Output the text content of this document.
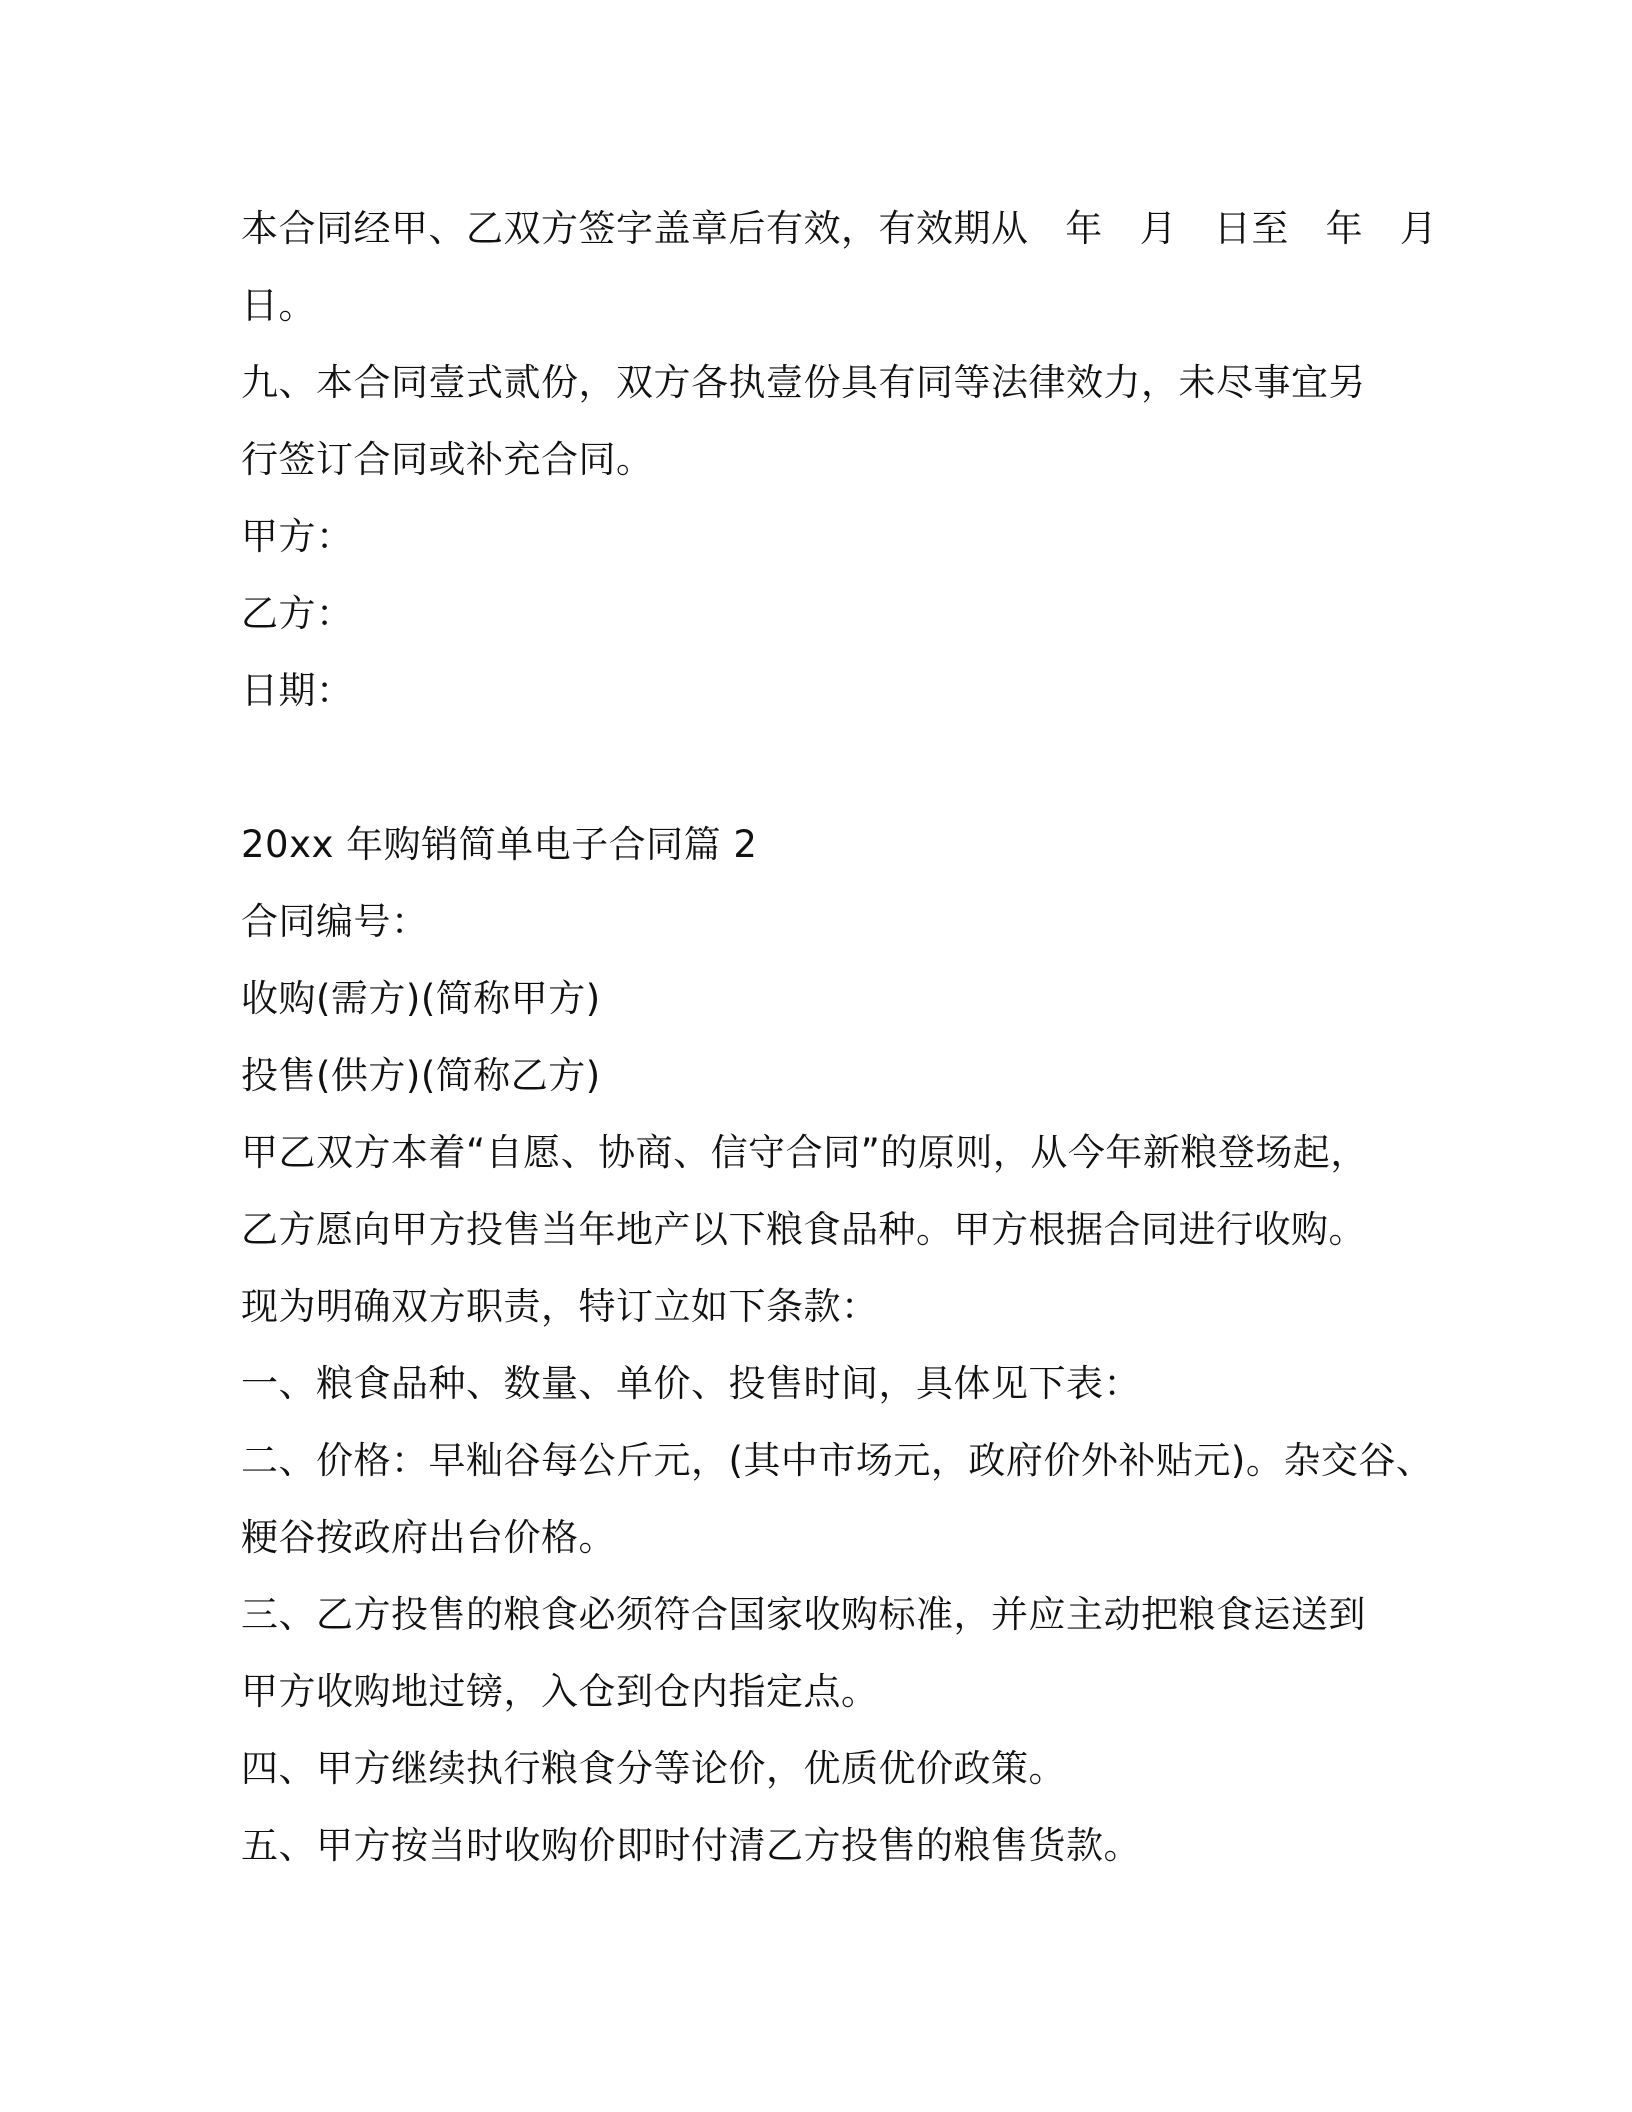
本合同经甲、乙双方签字盖章后有效，有效期从   年   月   日至   年   月
日。
九、本合同壹式贰份，双方各执壹份具有同等法律效力，未尽事宜另
行签订合同或补充合同。
甲方：
乙方：
日期：
20xx 年购销简单电子合同篇 2
合同编号：
收购(需方)(简称甲方)
投售(供方)(简称乙方)
甲乙双方本着“自愿、协商、信守合同”的原则，从今年新粮登场起，
乙方愿向甲方投售当年地产以下粮食品种。甲方根据合同进行收购。
现为明确双方职责，特订立如下条款：
一、粮食品种、数量、单价、投售时间，具体见下表：
二、价格：早籼谷每公斤元，(其中市场元，政府价外补贴元)。杂交谷、
粳谷按政府出台价格。
三、乙方投售的粮食必须符合国家收购标准，并应主动把粮食运送到
甲方收购地过镑，入仓到仓内指定点。
四、甲方继续执行粮食分等论价，优质优价政策。
五、甲方按当时收购价即时付清乙方投售的粮售货款。
